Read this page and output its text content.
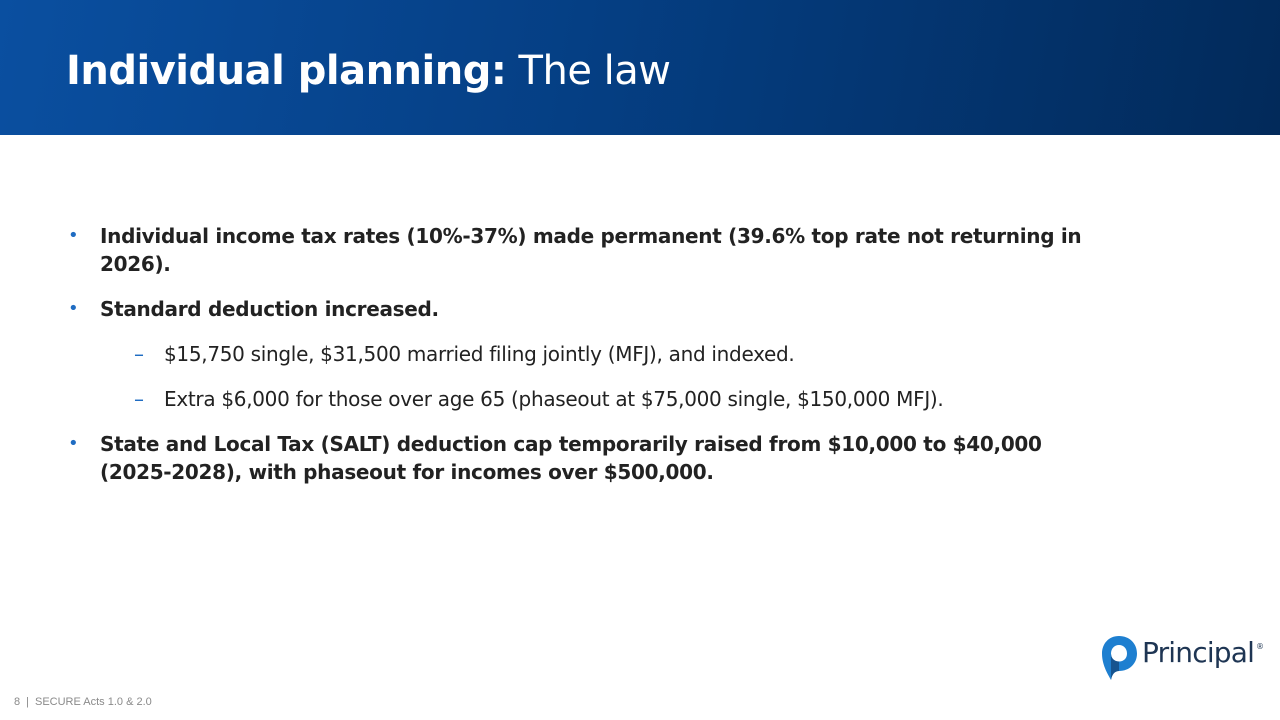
Individual planning: The law
• Individual income tax rates (10%-37%) made permanent (39.6% top rate not returning in 2026).
• Standard deduction increased.
– $15,750 single, $31,500 married filing jointly (MFJ), and indexed.
– Extra $6,000 for those over age 65 (phaseout at $75,000 single, $150,000 MFJ).
• State and Local Tax (SALT) deduction cap temporarily raised from $10,000 to $40,000 (2025-2028), with phaseout for incomes over $500,000.
Principal ®
8 | SECURE Acts 1.0 & 2.0
